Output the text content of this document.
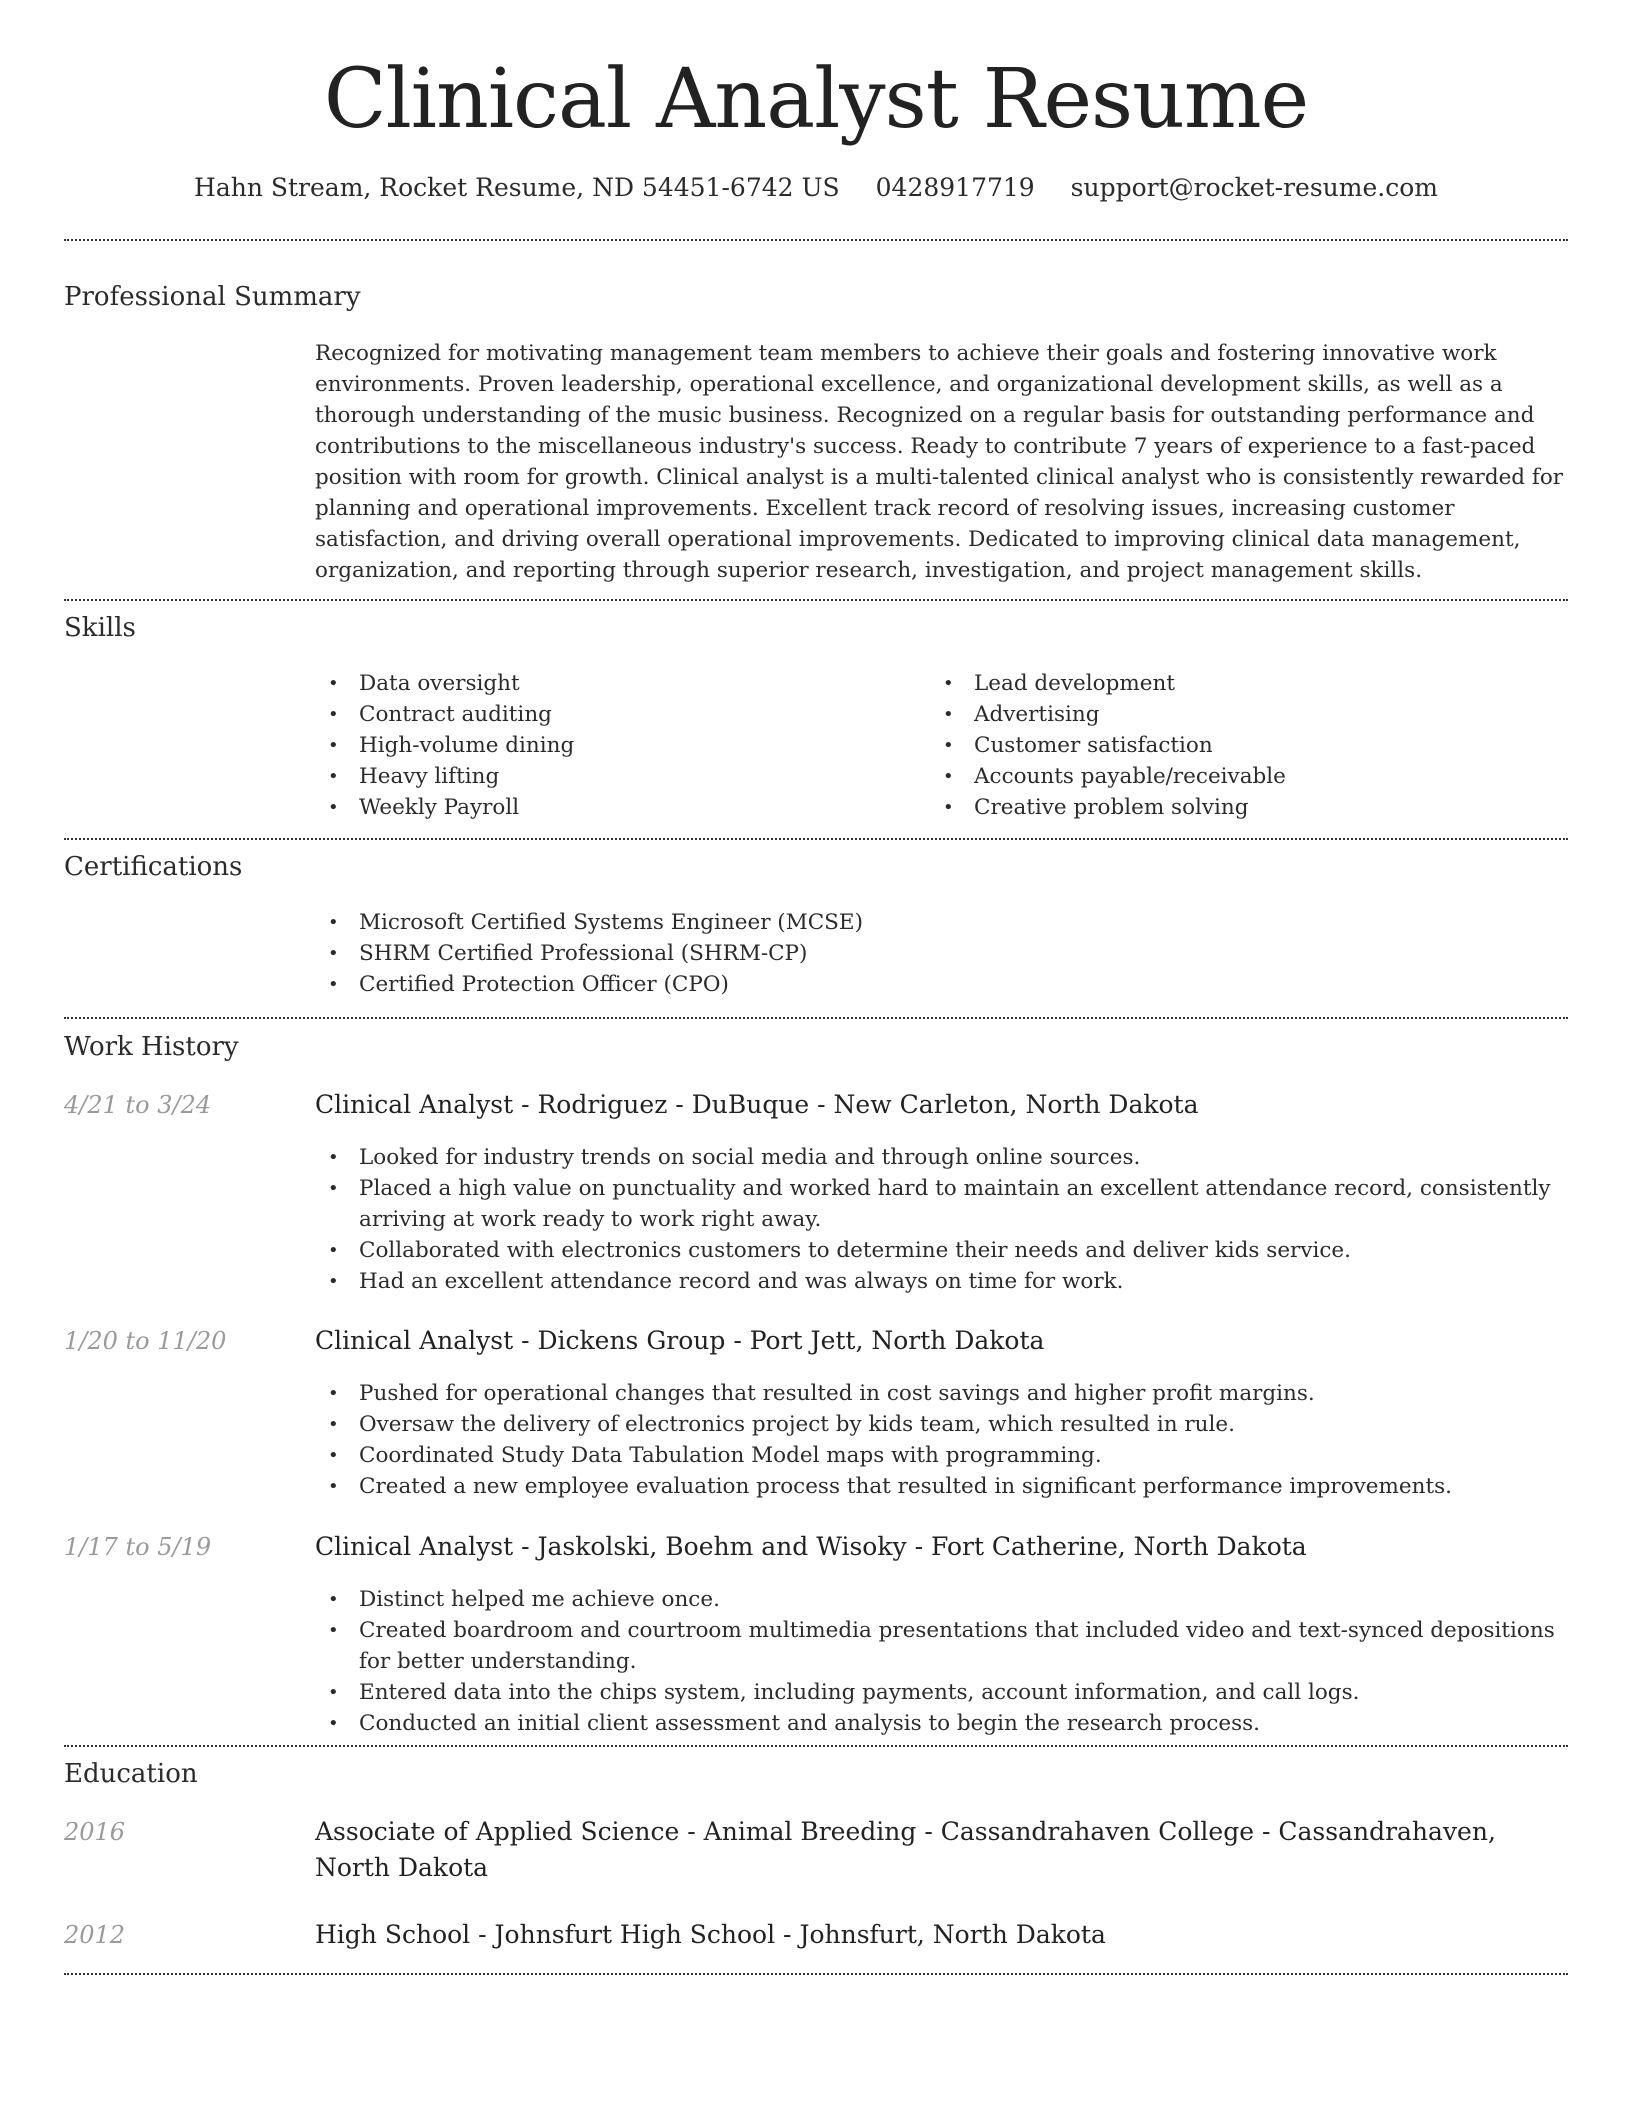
Clinical Analyst Resume
Hahn Stream, Rocket Resume, ND 54451-6742 US 0428917719 support@rocket-resume.com
Professional Summary

Recognized for motivating management team members to achieve their goals and fostering innovative work environments. Proven leadership, operational excellence, and organizational development skills, as well as a thorough understanding of the music business. Recognized on a regular basis for outstanding performance and contributions to the miscellaneous industry's success. Ready to contribute 7 years of experience to a fast-paced position with room for growth. Clinical analyst is a multi-talented clinical analyst who is consistently rewarded for planning and operational improvements. Excellent track record of resolving issues, increasing customer satisfaction, and driving overall operational improvements. Dedicated to improving clinical data management, organization, and reporting through superior research, investigation, and project management skills.

Skills
• Data oversight
• Contract auditing
• High-volume dining
• Heavy lifting
• Weekly Payroll
• Lead development
• Advertising
• Customer satisfaction
• Accounts payable/receivable
• Creative problem solving
Certifications
• Microsoft Certified Systems Engineer (MCSE)
• SHRM Certified Professional (SHRM-CP)
• Certified Protection Officer (CPO)
Work History
4/21 to 3/24	Clinical Analyst - Rodriguez - DuBuque - New Carleton, North Dakota
• Looked for industry trends on social media and through online sources.
• Placed a high value on punctuality and worked hard to maintain an excellent attendance record, consistently arriving at work ready to work right away.
• Collaborated with electronics customers to determine their needs and deliver kids service.
• Had an excellent attendance record and was always on time for work.
1/20 to 11/20	Clinical Analyst - Dickens Group - Port Jett, North Dakota
• Pushed for operational changes that resulted in cost savings and higher profit margins.
• Oversaw the delivery of electronics project by kids team, which resulted in rule.
• Coordinated Study Data Tabulation Model maps with programming.
• Created a new employee evaluation process that resulted in significant performance improvements.
1/17 to 5/19	Clinical Analyst - Jaskolski, Boehm and Wisoky - Fort Catherine, North Dakota
• Distinct helped me achieve once.
• Created boardroom and courtroom multimedia presentations that included video and text-synced depositions for better understanding.
• Entered data into the chips system, including payments, account information, and call logs.
• Conducted an initial client assessment and analysis to begin the research process.
Education
2016	Associate of Applied Science - Animal Breeding - Cassandrahaven College - Cassandrahaven, North Dakota
2012	High School - Johnsfurt High School - Johnsfurt, North Dakota
